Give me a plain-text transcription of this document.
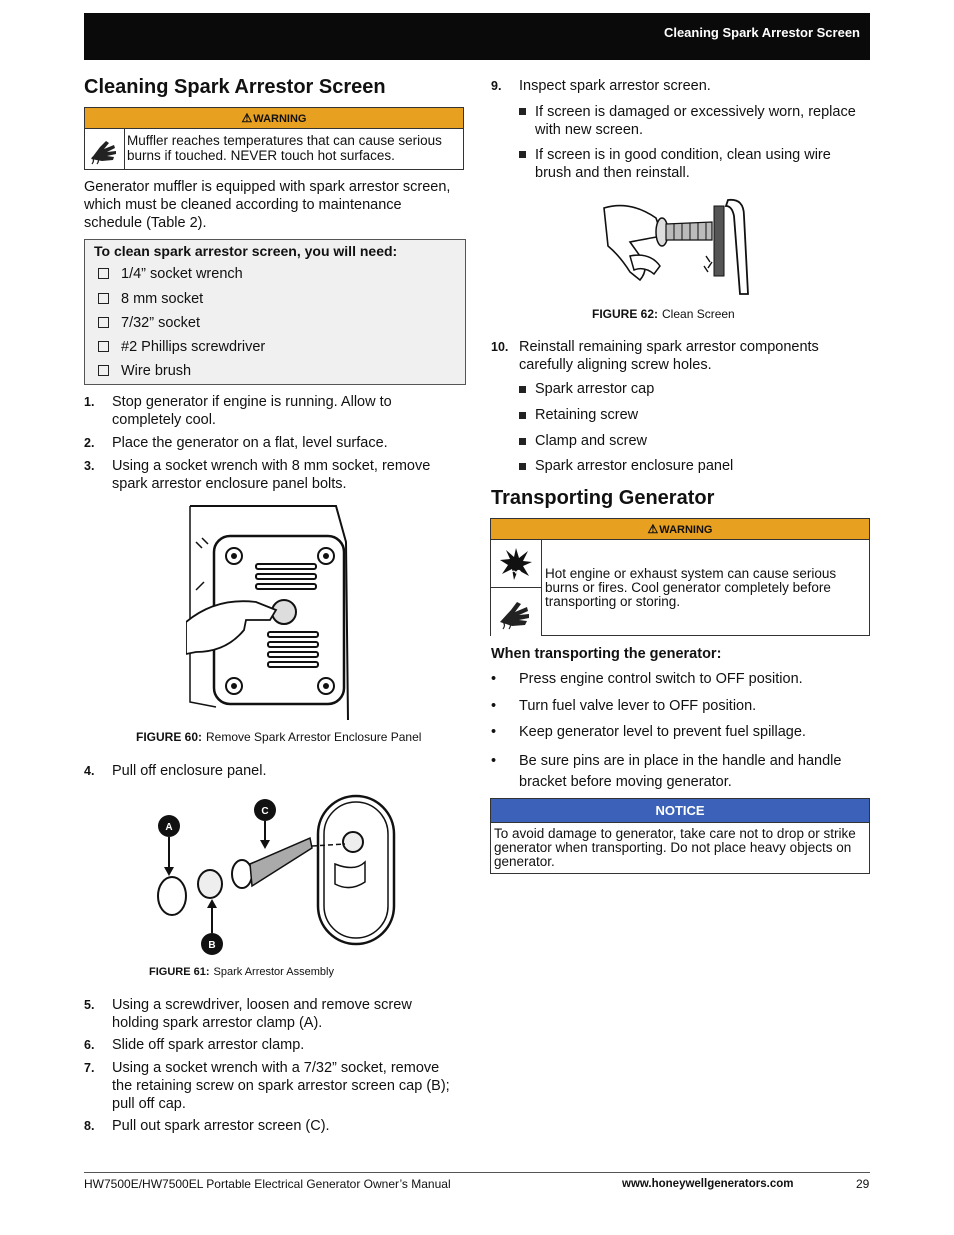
Cleaning Spark Arrestor Screen
Cleaning Spark Arrestor Screen
⚠WARNING
Muffler reaches temperatures that can cause serious burns if touched. NEVER touch hot surfaces.
Generator muffler is equipped with spark arrestor screen, which must be cleaned according to maintenance schedule (Table 2).
To clean spark arrestor screen, you will need:
1/4” socket wrench
8 mm socket
7/32” socket
#2 Phillips screwdriver
Wire brush
1. Stop generator if engine is running. Allow to completely cool.
2. Place the generator on a flat, level surface.
3. Using a socket wrench with 8 mm socket, remove spark arrestor enclosure panel bolts.
FIGURE 60: Remove Spark Arrestor Enclosure Panel
4. Pull off enclosure panel.
A
C
B
FIGURE 61: Spark Arrestor Assembly
5. Using a screwdriver, loosen and remove screw holding spark arrestor clamp (A).
6. Slide off spark arrestor clamp.
7. Using a socket wrench with a 7/32” socket, remove the retaining screw on spark arrestor screen cap (B); pull off cap.
8. Pull out spark arrestor screen (C).
9. Inspect spark arrestor screen.
If screen is damaged or excessively worn, replace with new screen.
If screen is in good condition, clean using wire brush and then reinstall.
FIGURE 62: Clean Screen
10. Reinstall remaining spark arrestor components carefully aligning screw holes.
Spark arrestor cap
Retaining screw
Clamp and screw
Spark arrestor enclosure panel
Transporting Generator
⚠WARNING
Hot engine or exhaust system can cause serious burns or fires. Cool generator completely before transporting or storing.
When transporting the generator:
• Press engine control switch to OFF position.
• Turn fuel valve lever to OFF position.
• Keep generator level to prevent fuel spillage.
• Be sure pins are in place in the handle and handle bracket before moving generator.
NOTICE
To avoid damage to generator, take care not to drop or strike generator when transporting. Do not place heavy objects on generator.
HW7500E/HW7500EL Portable Electrical Generator Owner’s Manual	www.honeywellgenerators.com	29
